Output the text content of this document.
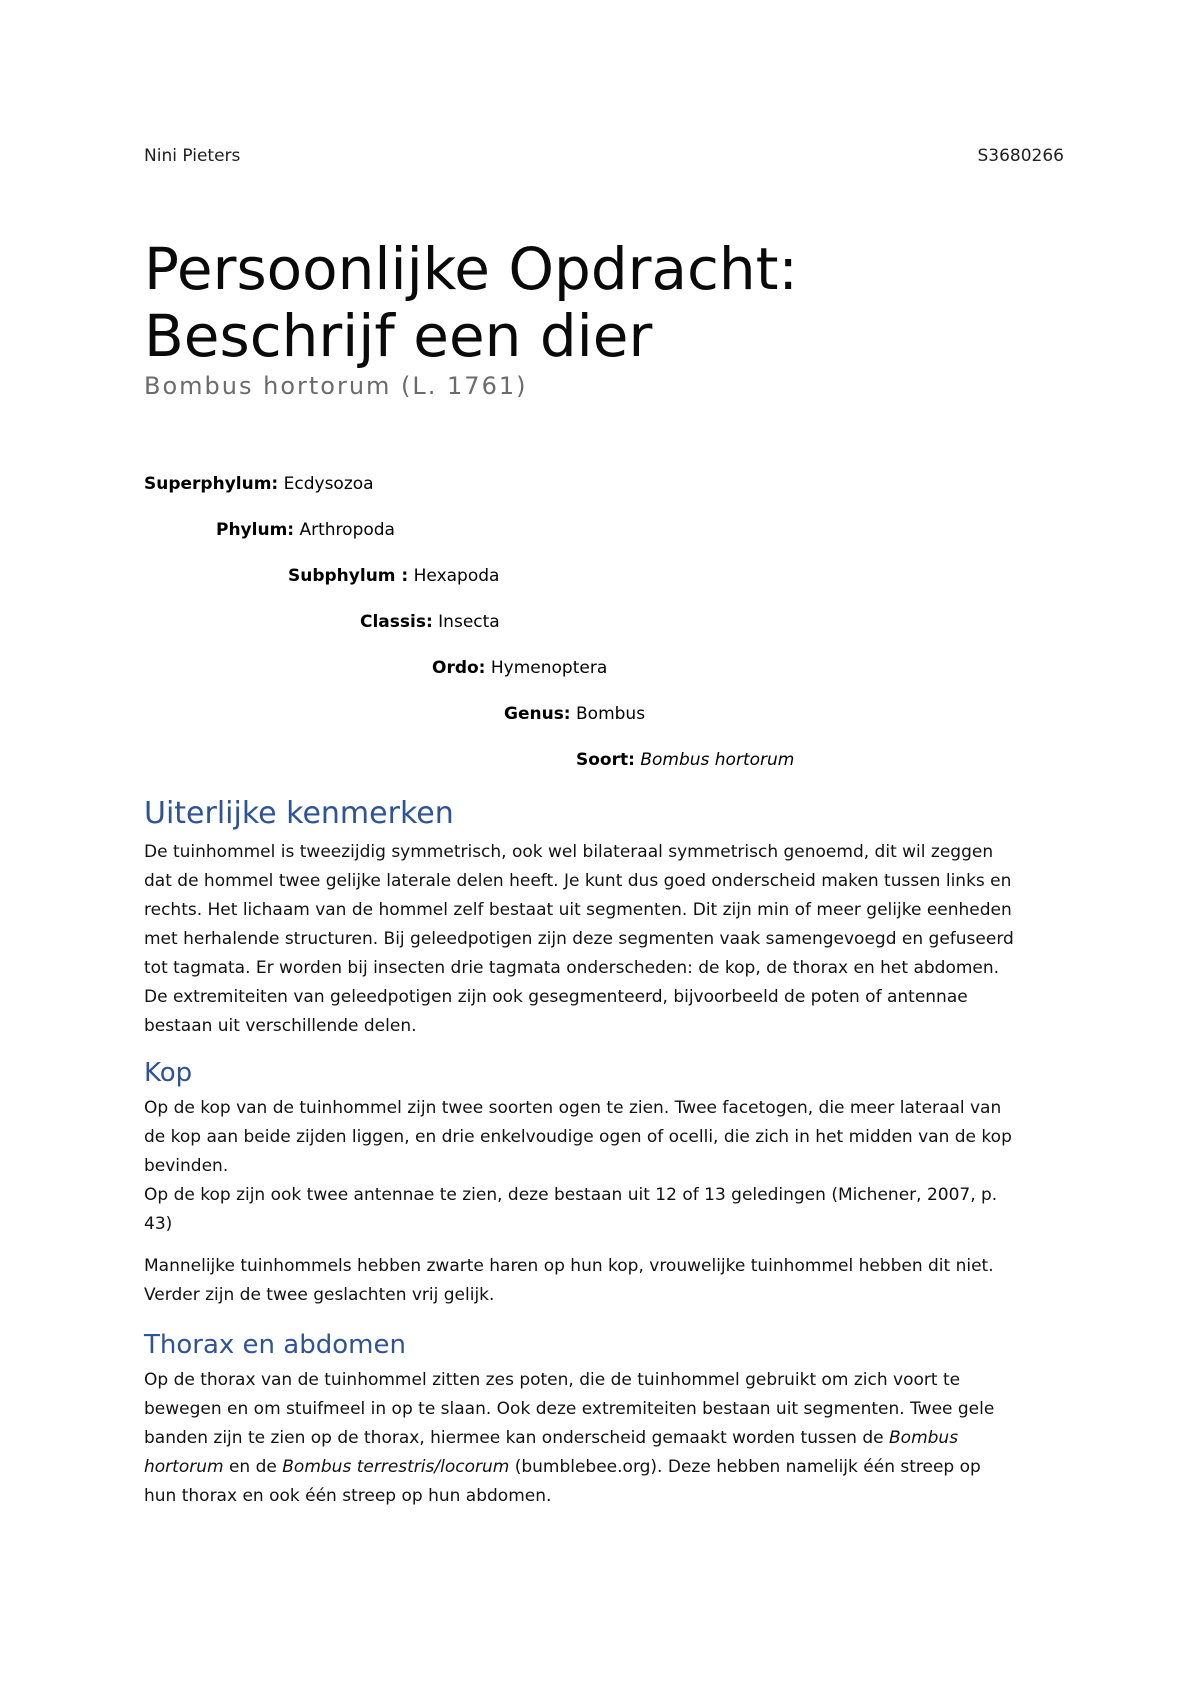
Nini Pieters	S3680266
Persoonlijke Opdracht: Beschrijf een dier

Bombus hortorum (L. 1761)

Superphylum: Ecdysozoa
Phylum: Arthropoda
Subphylum : Hexapoda
Classis: Insecta
Ordo: Hymenoptera
Genus: Bombus
Soort: Bombus hortorum
Uiterlijke kenmerken
De tuinhommel is tweezijdig symmetrisch, ook wel bilateraal symmetrisch genoemd, dit wil zeggen
dat de hommel twee gelijke laterale delen heeft. Je kunt dus goed onderscheid maken tussen links en
rechts. Het lichaam van de hommel zelf bestaat uit segmenten. Dit zijn min of meer gelijke eenheden
met herhalende structuren. Bij geleedpotigen zijn deze segmenten vaak samengevoegd en gefuseerd
tot tagmata. Er worden bij insecten drie tagmata onderscheden: de kop, de thorax en het abdomen.
De extremiteiten van geleedpotigen zijn ook gesegmenteerd, bijvoorbeeld de poten of antennae
bestaan uit verschillende delen.
Kop
Op de kop van de tuinhommel zijn twee soorten ogen te zien. Twee facetogen, die meer lateraal van
de kop aan beide zijden liggen, en drie enkelvoudige ogen of ocelli, die zich in het midden van de kop
bevinden.
Op de kop zijn ook twee antennae te zien, deze bestaan uit 12 of 13 geledingen (Michener, 2007, p.
43)
Mannelijke tuinhommels hebben zwarte haren op hun kop, vrouwelijke tuinhommel hebben dit niet.
Verder zijn de twee geslachten vrij gelijk.
Thorax en abdomen
Op de thorax van de tuinhommel zitten zes poten, die de tuinhommel gebruikt om zich voort te
bewegen en om stuifmeel in op te slaan. Ook deze extremiteiten bestaan uit segmenten. Twee gele
banden zijn te zien op de thorax, hiermee kan onderscheid gemaakt worden tussen de Bombus
hortorum en de Bombus terrestris/locorum (bumblebee.org). Deze hebben namelijk één streep op
hun thorax en ook één streep op hun abdomen.
